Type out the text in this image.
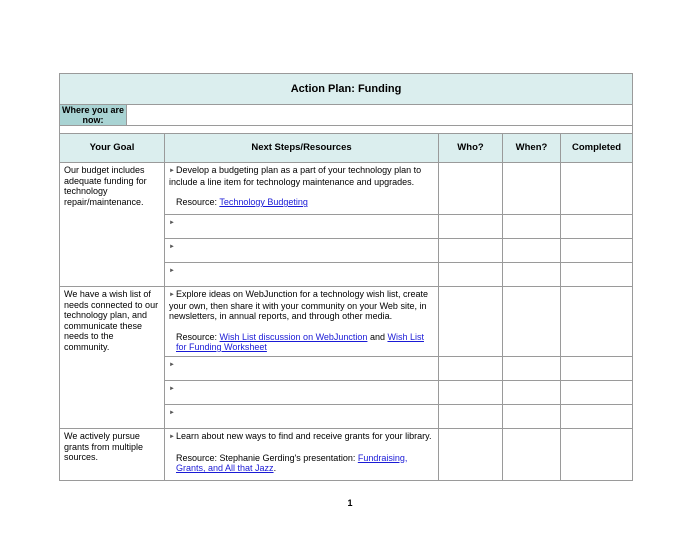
Action Plan: Funding					
Where you are now:					

Your Goal		Next Steps/Resources	Who?	When?	Completed
Our budget includes adequate funding for technology repair/maintenance.		►Develop a budgeting plan as a part of your technology plan to include a line item for technology maintenance and upgrades.
Resource: Technology Budgeting			

		►			
		►			
		►			
We have a wish list of needs connected to our technology plan, and communicate these needs to the community.		►Explore ideas on WebJunction for a technology wish list, create your own, then share it with your community on your Web site, in newsletters, in annual reports, and through other media.
Resource: Wish List discussion on WebJunction and Wish List for Funding Worksheet			

		►			
		►			
		►			
We actively pursue grants from multiple sources.		►Learn about new ways to find and receive grants for your library.
Resource: Stephanie Gerding's presentation: Fundraising, Grants, and All that Jazz.			

1
